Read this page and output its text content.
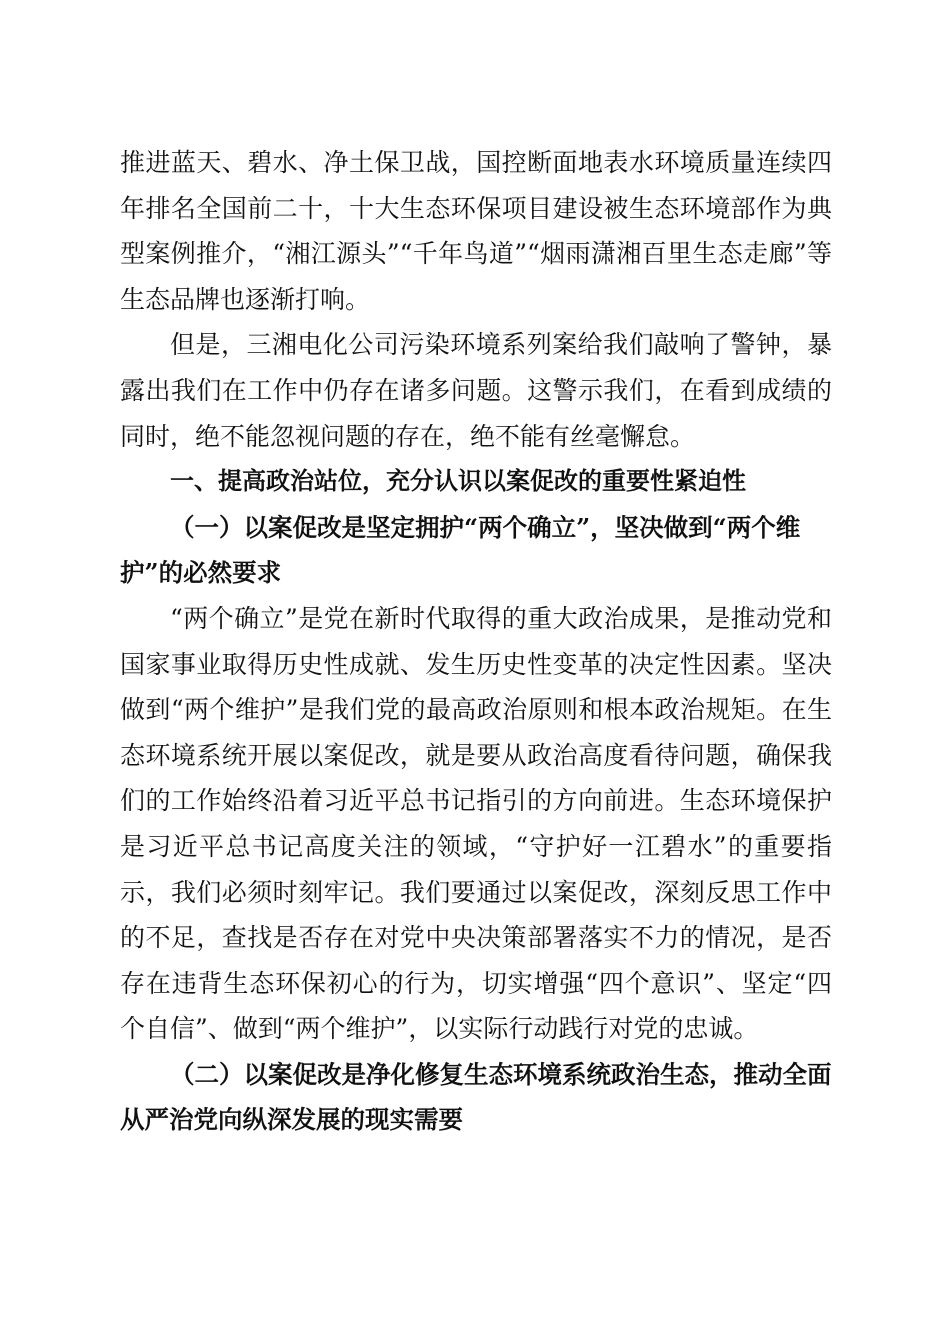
推进蓝天、碧水、净土保卫战，国控断面地表水环境质量连续四年排名全国前二十，十大生态环保项目建设被生态环境部作为典型案例推介，“湘江源头”“千年鸟道”“烟雨潇湘百里生态走廊”等生态品牌也逐渐打响。

但是，三湘电化公司污染环境系列案给我们敲响了警钟，暴露出我们在工作中仍存在诸多问题。这警示我们，在看到成绩的同时，绝不能忽视问题的存在，绝不能有丝毫懈怠。

一、提高政治站位，充分认识以案促改的重要性紧迫性

（一）以案促改是坚定拥护“两个确立”，坚决做到“两个维护”的必然要求

“两个确立”是党在新时代取得的重大政治成果，是推动党和国家事业取得历史性成就、发生历史性变革的决定性因素。坚决做到“两个维护”是我们党的最高政治原则和根本政治规矩。在生态环境系统开展以案促改，就是要从政治高度看待问题，确保我们的工作始终沿着习近平总书记指引的方向前进。生态环境保护是习近平总书记高度关注的领域，“守护好一江碧水”的重要指示，我们必须时刻牢记。我们要通过以案促改，深刻反思工作中的不足，查找是否存在对党中央决策部署落实不力的情况，是否存在违背生态环保初心的行为，切实增强“四个意识”、坚定“四个自信”、做到“两个维护”，以实际行动践行对党的忠诚。

（二）以案促改是净化修复生态环境系统政治生态，推动全面从严治党向纵深发展的现实需要
